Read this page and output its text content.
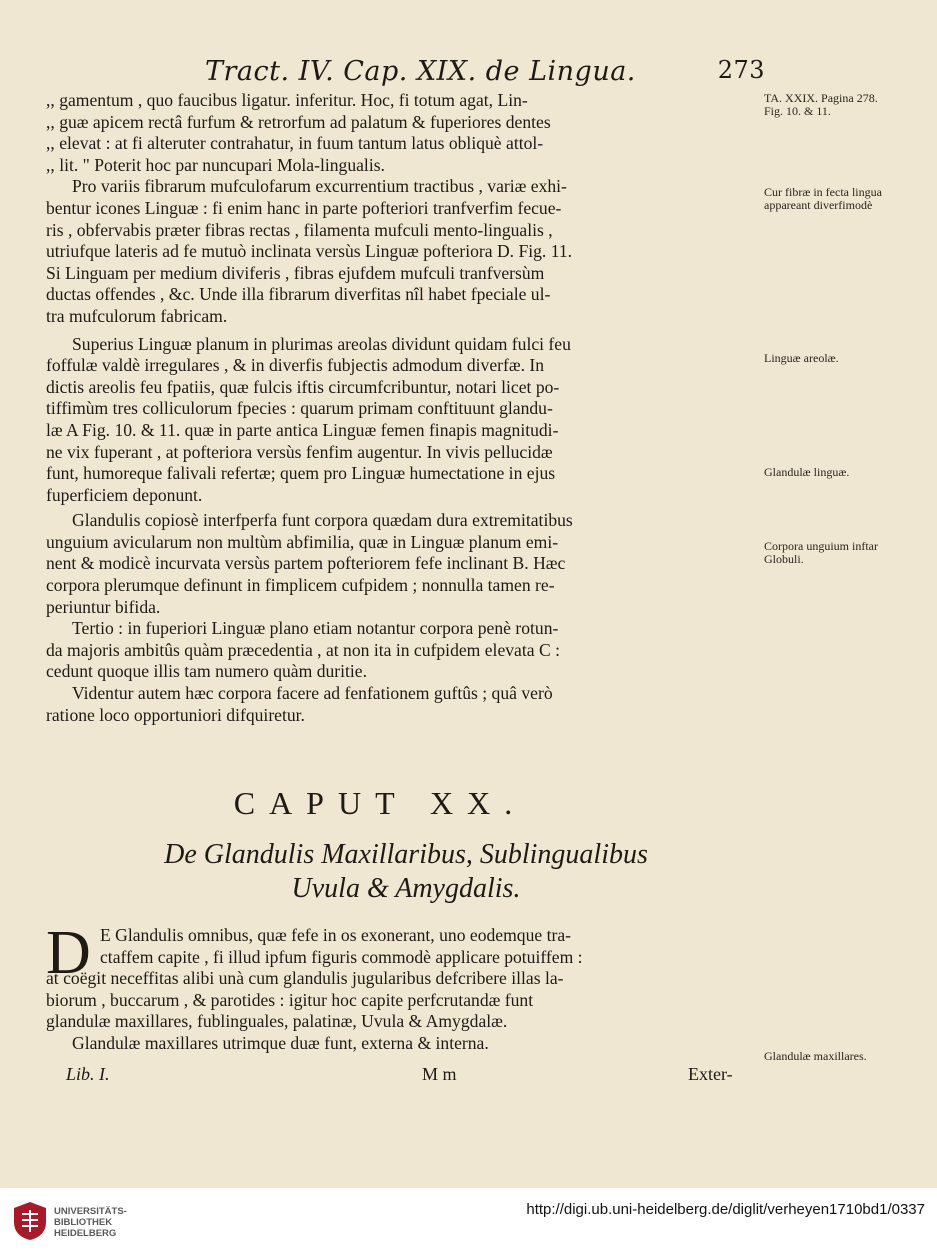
Tract. IV. Cap. XIX. de Lingua.	273
,, gamentum , quo faucibus ligatur. inferitur. Hoc, fi totum agat, Lin-
,, guæ apicem rectâ furfum & retrorfum ad palatum & fuperiores dentes
,, elevat : at fi alteruter contrahatur, in fuum tantum latus obliquè attol-
,, lit. " Poterit hoc par nuncupari Mola-lingualis.
Pro variis fibrarum mufculofarum excurrentium tractibus , variæ exhi-
bentur icones Linguæ : fi enim hanc in parte pofteriori tranfverfim fecue-
ris , obfervabis præter fibras rectas , filamenta mufculi mento-lingualis ,
utriufque lateris ad fe mutuò inclinata versùs Linguæ pofteriora D. Fig. 11.
Si Linguam per medium diviferis , fibras ejufdem mufculi tranfversùm
ductas offendes , &c. Unde illa fibrarum diverfitas nîl habet fpeciale ul-
tra mufculorum fabricam.
Superius Linguæ planum in plurimas areolas dividunt quidam fulci feu
foffulæ valdè irregulares , & in diverfis fubjectis admodum diverfæ. In
dictis areolis feu fpatiis, quæ fulcis iftis circumfcribuntur, notari licet po-
tiffimùm tres colliculorum fpecies : quarum primam conftituunt glandu-
læ A Fig. 10. & 11. quæ in parte antica Linguæ femen finapis magnitudi-
ne vix fuperant , at pofteriora versùs fenfim augentur. In vivis pellucidæ
funt, humoreque falivali refertæ; quem pro Linguæ humectatione in ejus
fuperficiem deponunt.
Glandulis copiosè interfperfa funt corpora quædam dura extremitatibus
unguium avicularum non multùm abfimilia, quæ in Linguæ planum emi-
nent & modicè incurvata versùs partem pofteriorem fefe inclinant B. Hæc
corpora plerumque definunt in fimplicem cufpidem ; nonnulla tamen re-
periuntur bifida.
Tertio : in fuperiori Linguæ plano etiam notantur corpora penè rotun-
da majoris ambitûs quàm præcedentia , at non ita in cufpidem elevata C :
cedunt quoque illis tam numero quàm duritie.
Videntur autem hæc corpora facere ad fenfationem guftûs ; quâ verò
ratione loco opportuniori difquiretur.
CAPUT XX.
De Glandulis Maxillaribus, Sublingualibus
Uvula & Amygdalis.
D E Glandulis omnibus, quæ fefe in os exonerant, uno eodemque tra-
ctaffem capite , fi illud ipfum figuris commodè applicare potuiffem :
at coëgit neceffitas alibi unà cum glandulis jugularibus defcribere illas la-
biorum , buccarum , & parotides : igitur hoc capite perfcrutandæ funt
glandulæ maxillares, fublinguales, palatinæ, Uvula & Amygdalæ.
Glandulæ maxillares utrimque duæ funt, externa & interna.
TA. XXIX. Pagina 278. Fig. 10. & 11.
Cur fibræ in fecta lingua appareant diverfimodè
Linguæ areolæ.
Glandulæ linguæ.
Corpora unguium inftar Globuli.
Glandulæ maxillares.
Lib. I.	M m	Exter-
UNIVERSITÄTS-
BIBLIOTHEK
HEIDELBERG
http://digi.ub.uni-heidelberg.de/diglit/verheyen1710bd1/0337
